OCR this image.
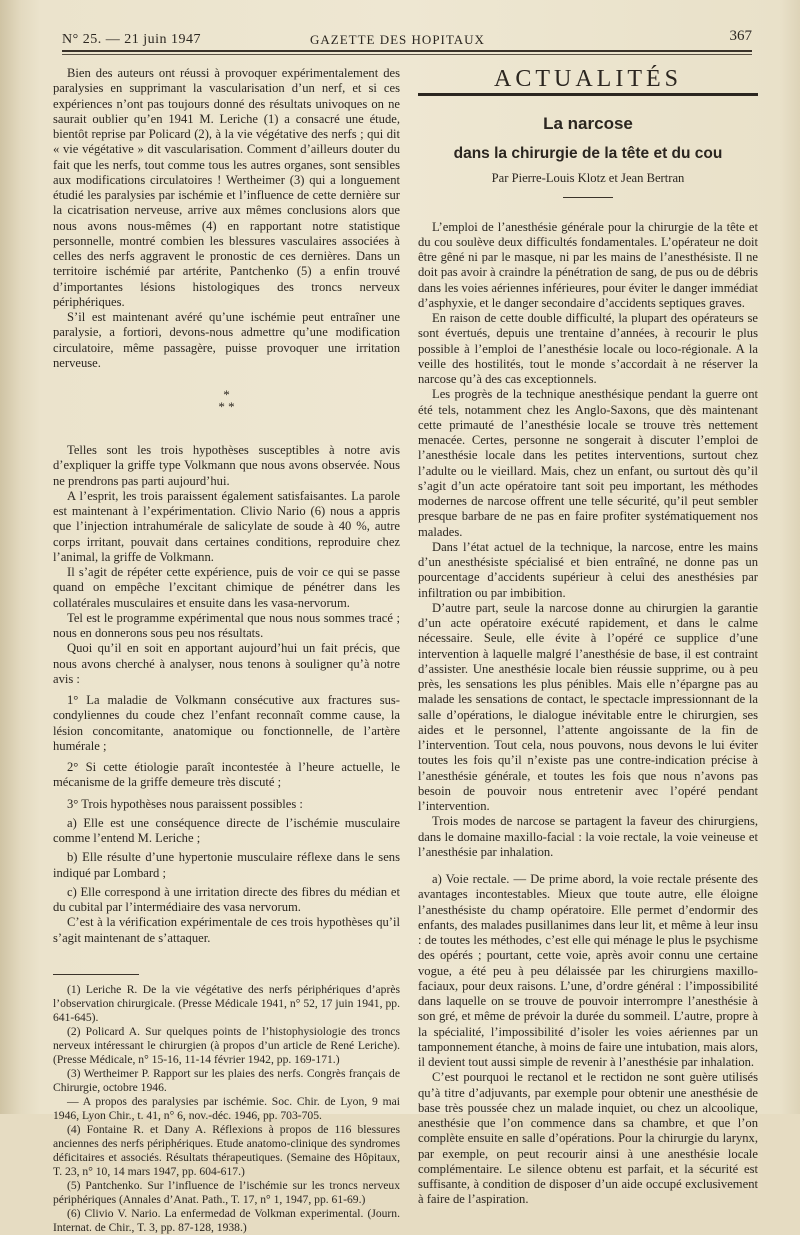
N° 25. — 21 juin 1947	GAZETTE DES HOPITAUX	367

Bien des auteurs ont réussi à provoquer expérimentalement des paralysies en supprimant la vascularisation d’un nerf, et si ces expériences n’ont pas toujours donné des résultats univoques on ne saurait oublier qu’en 1941 M. Leriche (1) a consacré une étude, bientôt reprise par Policard (2), à la vie végétative des nerfs ; qui dit « vie végétative » dit vascularisation. Comment d’ailleurs douter du fait que les nerfs, tout comme tous les autres organes, sont sensibles aux modifications circulatoires ! Wertheimer (3) qui a longuement étudié les paralysies par ischémie et l’influence de cette dernière sur la cicatrisation nerveuse, arrive aux mêmes conclusions alors que nous avons nous-mêmes (4) en rapportant notre statistique personnelle, montré combien les blessures vasculaires associées à celles des nerfs aggravent le pronostic de ces dernières. Dans un territoire ischémié par artérite, Pantchenko (5) a enfin trouvé d’importantes lésions histologiques des troncs nerveux périphériques.

S’il est maintenant avéré qu’une ischémie peut entraîner une paralysie, a fortiori, devons-nous admettre qu’une modification circulatoire, même passagère, puisse provoquer une irritation nerveuse.

*
* *

Telles sont les trois hypothèses susceptibles à notre avis d’expliquer la griffe type Volkmann que nous avons observée. Nous ne prendrons pas parti aujourd’hui.

A l’esprit, les trois paraissent également satisfaisantes. La parole est maintenant à l’expérimentation. Clivio Nario (6) nous a appris que l’injection intrahumérale de salicylate de soude à 40 %, autre corps irritant, pouvait dans certaines conditions, reproduire chez l’animal, la griffe de Volkmann.

Il s’agit de répéter cette expérience, puis de voir ce qui se passe quand on empêche l’excitant chimique de pénétrer dans les collatérales musculaires et ensuite dans les vasa-nervorum.

Tel est le programme expérimental que nous nous sommes tracé ; nous en donnerons sous peu nos résultats.

Quoi qu’il en soit en apportant aujourd’hui un fait précis, que nous avons cherché à analyser, nous tenons à souligner qu’à notre avis :

1° La maladie de Volkmann consécutive aux fractures sus-condyliennes du coude chez l’enfant reconnaît comme cause, la lésion concomitante, anatomique ou fonctionnelle, de l’artère humérale ;

2° Si cette étiologie paraît incontestée à l’heure actuelle, le mécanisme de la griffe demeure très discuté ;

3° Trois hypothèses nous paraissent possibles :

a) Elle est une conséquence directe de l’ischémie musculaire comme l’entend M. Leriche ;

b) Elle résulte d’une hypertonie musculaire réflexe dans le sens indiqué par Lombard ;

c) Elle correspond à une irritation directe des fibres du médian et du cubital par l’intermédiaire des vasa nervorum.

C’est à la vérification expérimentale de ces trois hypothèses qu’il s’agit maintenant de s’attaquer.

(1) Leriche R. De la vie végétative des nerfs périphériques d’après l’observation chirurgicale. (Presse Médicale 1941, n° 52, 17 juin 1941, pp. 641-645).

(2) Policard A. Sur quelques points de l’histophysiologie des troncs nerveux intéressant le chirurgien (à propos d’un article de René Leriche). (Presse Médicale, n° 15-16, 11-14 février 1942, pp. 169-171.)

(3) Wertheimer P. Rapport sur les plaies des nerfs. Congrès français de Chirurgie, octobre 1946.

— A propos des paralysies par ischémie. Soc. Chir. de Lyon, 9 mai 1946, Lyon Chir., t. 41, n° 6, nov.-déc. 1946, pp. 703-705.

(4) Fontaine R. et Dany A. Réflexions à propos de 116 blessures anciennes des nerfs périphériques. Etude anatomo-clinique des syndromes déficitaires et associés. Résultats thérapeutiques. (Semaine des Hôpitaux, T. 23, n° 10, 14 mars 1947, pp. 604-617.)

(5) Pantchenko. Sur l’influence de l’ischémie sur les troncs nerveux périphériques (Annales d’Anat. Path., T. 17, n° 1, 1947, pp. 61-69.)

(6) Clivio V. Nario. La enfermedad de Volkman experimental. (Journ. Internat. de Chir., T. 3, pp. 87-128, 1938.)

ACTUALITÉS
La narcose
dans la chirurgie de la tête et du cou
Par Pierre-Louis Klotz et Jean Bertran

L’emploi de l’anesthésie générale pour la chirurgie de la tête et du cou soulève deux difficultés fondamentales. L’opérateur ne doit être gêné ni par le masque, ni par les mains de l’anesthésiste. Il ne doit pas avoir à craindre la pénétration de sang, de pus ou de débris dans les voies aériennes inférieures, pour éviter le danger immédiat d’asphyxie, et le danger secondaire d’accidents septiques graves.

En raison de cette double difficulté, la plupart des opérateurs se sont évertués, depuis une trentaine d’années, à recourir le plus possible à l’emploi de l’anesthésie locale ou loco-régionale. A la veille des hostilités, tout le monde s’accordait à ne réserver la narcose qu’à des cas exceptionnels.

Les progrès de la technique anesthésique pendant la guerre ont été tels, notamment chez les Anglo-Saxons, que dès maintenant cette primauté de l’anesthésie locale se trouve très nettement menacée. Certes, personne ne songerait à discuter l’emploi de l’anesthésie locale dans les petites interventions, surtout chez l’adulte ou le vieillard. Mais, chez un enfant, ou surtout dès qu’il s’agit d’un acte opératoire tant soit peu important, les méthodes modernes de narcose offrent une telle sécurité, qu’il peut sembler presque barbare de ne pas en faire profiter systématiquement nos malades.

Dans l’état actuel de la technique, la narcose, entre les mains d’un anesthésiste spécialisé et bien entraîné, ne donne pas un pourcentage d’accidents supérieur à celui des anesthésies par infiltration ou par imbibition.

D’autre part, seule la narcose donne au chirurgien la garantie d’un acte opératoire exécuté rapidement, et dans le calme nécessaire. Seule, elle évite à l’opéré ce supplice d’une intervention à laquelle malgré l’anesthésie de base, il est contraint d’assister. Une anesthésie locale bien réussie supprime, ou à peu près, les sensations les plus pénibles. Mais elle n’épargne pas au malade les sensations de contact, le spectacle impressionnant de la salle d’opérations, le dialogue inévitable entre le chirurgien, ses aides et le personnel, l’attente angoissante de la fin de l’intervention. Tout cela, nous pouvons, nous devons le lui éviter toutes les fois qu’il n’existe pas une contre-indication précise à l’anesthésie générale, et toutes les fois que nous n’avons pas besoin de pouvoir nous entretenir avec l’opéré pendant l’intervention.

Trois modes de narcose se partagent la faveur des chirurgiens, dans le domaine maxillo-facial : la voie rectale, la voie veineuse et l’anesthésie par inhalation.

a) Voie rectale. — De prime abord, la voie rectale présente des avantages incontestables. Mieux que toute autre, elle éloigne l’anesthésiste du champ opératoire. Elle permet d’endormir des enfants, des malades pusillanimes dans leur lit, et même à leur insu : de toutes les méthodes, c’est elle qui ménage le plus le psychisme des opérés ; pourtant, cette voie, après avoir connu une certaine vogue, a été peu à peu délaissée par les chirurgiens maxillo-faciaux, pour deux raisons. L’une, d’ordre général : l’impossibilité dans laquelle on se trouve de pouvoir interrompre l’anesthésie à son gré, et même de prévoir la durée du sommeil. L’autre, propre à la spécialité, l’impossibilité d’isoler les voies aériennes par un tamponnement étanche, à moins de faire une intubation, mais alors, il devient tout aussi simple de revenir à l’anesthésie par inhalation.

C’est pourquoi le rectanol et le rectidon ne sont guère utilisés qu’à titre d’adjuvants, par exemple pour obtenir une anesthésie de base très poussée chez un malade inquiet, ou chez un alcoolique, anesthésie que l’on commence dans sa chambre, et que l’on complète ensuite en salle d’opérations. Pour la chirurgie du larynx, par exemple, on peut recourir ainsi à une anesthésie locale complémentaire. Le silence obtenu est parfait, et la sécurité est suffisante, à condition de disposer d’un aide occupé exclusivement à faire de l’aspiration.
